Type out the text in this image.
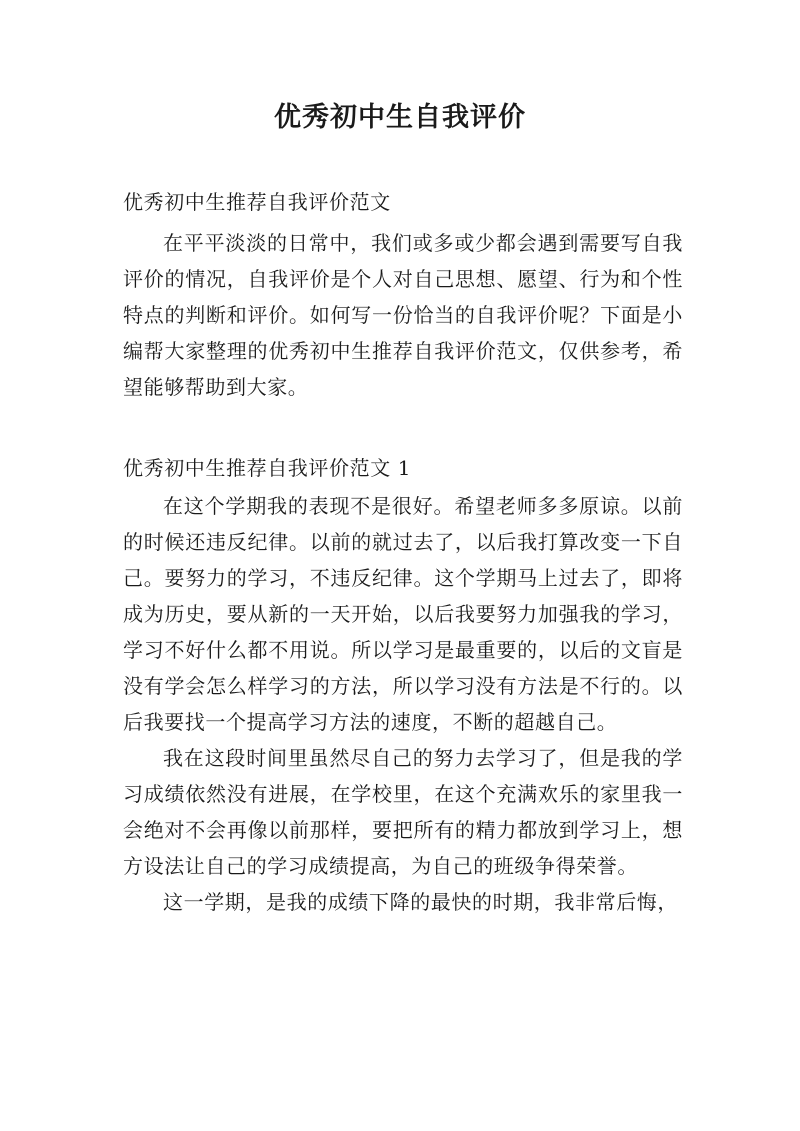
优秀初中生自我评价
优秀初中生推荐自我评价范文

在平平淡淡的日常中，我们或多或少都会遇到需要写自我评价的情况，自我评价是个人对自己思想、愿望、行为和个性特点的判断和评价。如何写一份恰当的自我评价呢？下面是小编帮大家整理的优秀初中生推荐自我评价范文，仅供参考，希望能够帮助到大家。

优秀初中生推荐自我评价范文 1

在这个学期我的表现不是很好。希望老师多多原谅。以前的时候还违反纪律。以前的就过去了，以后我打算改变一下自己。要努力的学习，不违反纪律。这个学期马上过去了，即将成为历史，要从新的一天开始，以后我要努力加强我的学习，学习不好什么都不用说。所以学习是最重要的，以后的文盲是没有学会怎么样学习的方法，所以学习没有方法是不行的。以后我要找一个提高学习方法的速度，不断的超越自己。

我在这段时间里虽然尽自己的努力去学习了，但是我的学习成绩依然没有进展，在学校里，在这个充满欢乐的家里我一会绝对不会再像以前那样，要把所有的精力都放到学习上，想方设法让自己的学习成绩提高，为自己的班级争得荣誉。

这一学期，是我的成绩下降的最快的时期，我非常后悔，
